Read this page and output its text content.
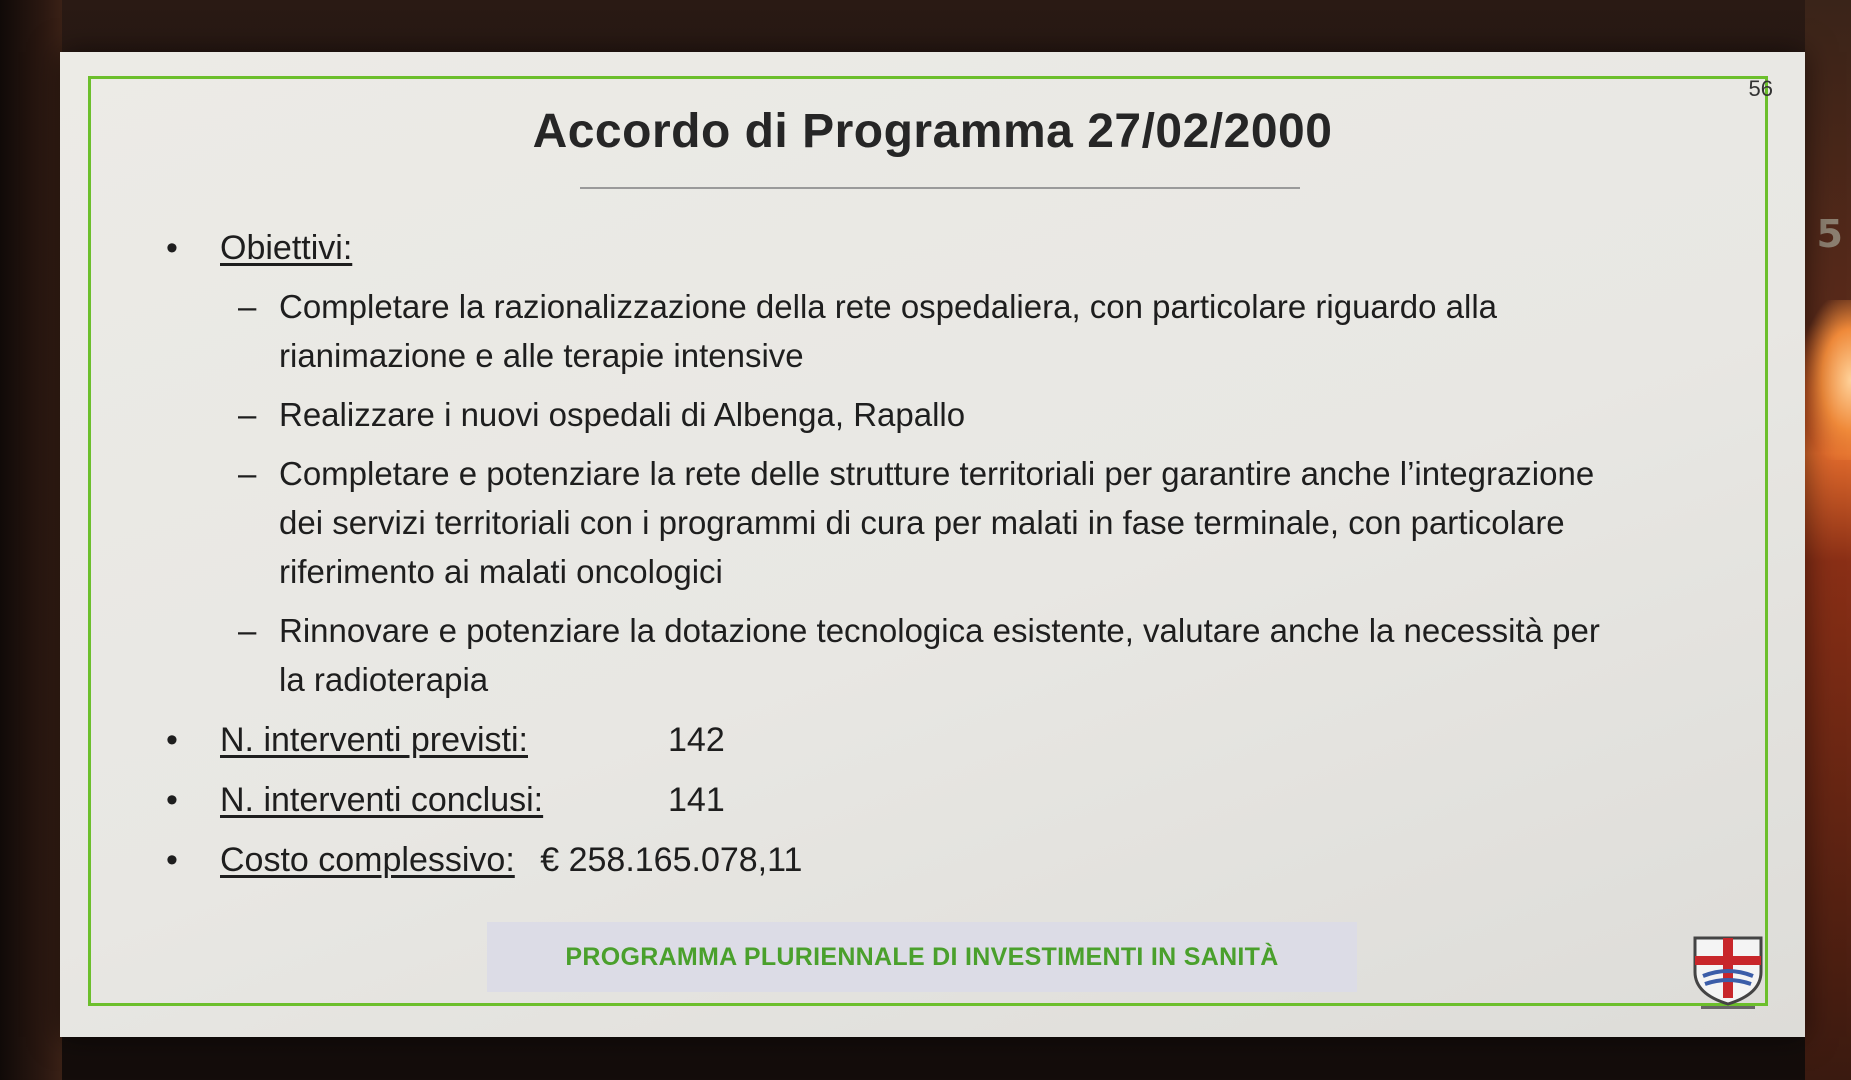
5
56
Accordo di Programma 27/02/2000
• Obiettivi:
– Completare la razionalizzazione della rete ospedaliera, con particolare riguardo alla rianimazione e alle terapie intensive
– Realizzare i nuovi ospedali di Albenga, Rapallo
– Completare e potenziare la rete delle strutture territoriali per garantire anche l’integrazione dei servizi territoriali con i programmi di cura per malati in fase terminale, con particolare riferimento ai malati oncologici
– Rinnovare e potenziare la dotazione tecnologica esistente, valutare anche la necessità per la radioterapia
• N. interventi previsti:	142
• N. interventi conclusi:	141
• Costo complessivo: € 258.165.078,11
PROGRAMMA PLURIENNALE DI INVESTIMENTI IN SANITÀ
